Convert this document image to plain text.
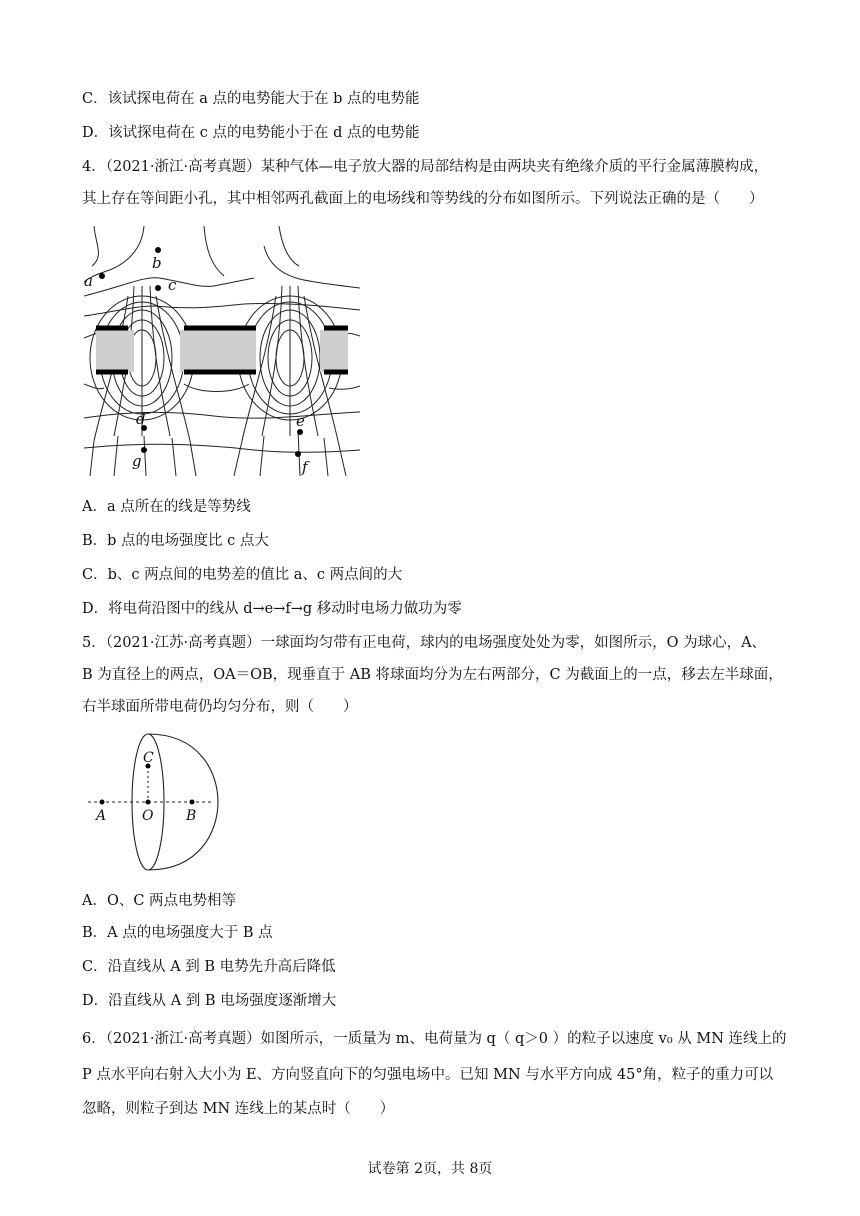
C．该试探电荷在 a 点的电势能大于在 b 点的电势能
D．该试探电荷在 c 点的电势能小于在 d 点的电势能
4．（2021·浙江·高考真题）某种气体—电子放大器的局部结构是由两块夹有绝缘介质的平行金属薄膜构成，
其上存在等间距小孔，其中相邻两孔截面上的电场线和等势线的分布如图所示。下列说法正确的是（　　）
a
b
c
d
g
e
f
A．a 点所在的线是等势线
B．b 点的电场强度比 c 点大
C．b、c 两点间的电势差的值比 a、c 两点间的大
D．将电荷沿图中的线从 d→e→f→g 移动时电场力做功为零
5．（2021·江苏·高考真题）一球面均匀带有正电荷，球内的电场强度处处为零，如图所示，O 为球心，A、
B 为直径上的两点，OA＝OB，现垂直于 AB 将球面均分为左右两部分，C 为截面上的一点，移去左半球面，
右半球面所带电荷仍均匀分布，则（　　）
C
A	O B
A．O、C 两点电势相等
B．A 点的电场强度大于 B 点
C．沿直线从 A 到 B 电势先升高后降低
D．沿直线从 A 到 B 电场强度逐渐增大
6．（2021·浙江·高考真题）如图所示，一质量为 m、电荷量为 q（ q＞0 ）的粒子以速度 v₀ 从 MN 连线上的
P 点水平向右射入大小为 E、方向竖直向下的匀强电场中。已知 MN 与水平方向成 45°角，粒子的重力可以
忽略，则粒子到达 MN 连线上的某点时（　　）
试卷第 2页，共 8页
